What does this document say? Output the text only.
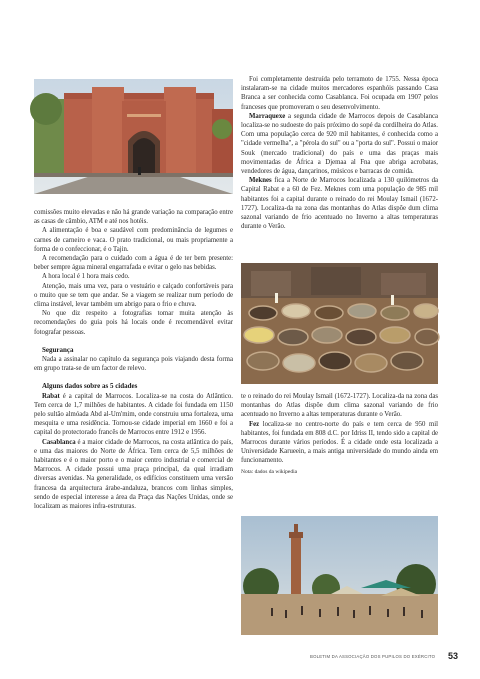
comissões muito elevadas e não há grande variação na comparação entre as casas de câmbio, ATM e até nos hotéis.

A alimentação é boa e saudável com predominância de legumes e carnes de carneiro e vaca. O prato tradicional, ou mais propriamente a forma de o confeccionar, é o Tajin.

A recomendação para o cuidado com a água é de ter bem presente: beber sempre água mineral engarrafada e evitar o gelo nas bebidas.

A hora local é 1 hora mais cedo.

Atenção, mais uma vez, para o vestuário e calçado confortáveis para o muito que se tem que andar. Se a viagem se realizar num período de clima instável, levar também um abrigo para o frio e chuva.

No que diz respeito a fotografias tomar muita atenção às recomendações do guia pois há locais onde é recomendável evitar fotografar pessoas.

Segurança

Nada a assinalar no capítulo da segurança pois viajando desta forma em grupo trata-se de um factor de relevo.

Alguns dados sobre as 5 cidades

Rabat é a capital de Marrocos. Localiza-se na costa do Atlântico. Tem cerca de 1,7 milhões de habitantes. A cidade foi fundada em 1150 pelo sultão almóada Abd al-Um'mim, onde construiu uma fortaleza, uma mesquita e uma residência. Tornou-se cidade imperial em 1660 e foi a capital do protectorado francês de Marrocos entre 1912 e 1956.

Casablanca é a maior cidade de Marrocos, na costa atlântica do país, e uma das maiores do Norte de África. Tem cerca de 5,5 milhões de habitantes e é o maior porto e o maior centro industrial e comercial de Marrocos. A cidade possui uma praça principal, da qual irradiam diversas avenidas. Na generalidade, os edifícios constituem uma versão francesa da arquitectura árabe-andaluza, brancos com linhas simples, sendo de especial interesse a área da Praça das Nações Unidas, onde se localizam as maiores infra-estruturas.

Foi completamente destruída pelo terramoto de 1755. Nessa época instalaram-se na cidade muitos mercadores espanhóis passando Casa Branca a ser conhecida como Casablanca. Foi ocupada em 1907 pelos franceses que promoveram o seu desenvolvimento.

Marraquexe a segunda cidade de Marrocos depois de Casablanca localiza-se no sudoeste do país próximo do sopé da cordilheira do Atlas. Com uma população cerca de 920 mil habitantes, é conhecida como a "cidade vermelha", a "pérola do sul" ou a "porta do sul". Possui o maior Souk (mercado tradicional) do país e uma das praças mais movimentadas de África a Djemaa al Fna que abriga acrobatas, vendedores de água, dançarinos, músicos e barracas de comida.

Meknes fica a Norte de Marrocos localizada a 130 quilómetros da Capital Rabat e a 60 de Fez. Meknes com uma população de 985 mil habitantes foi a capital durante o reinado do rei Moulay Ismail (1672-1727). Localiza-da na zona das montanhas do Atlas dispõe dum clima sazonal variando de frio acentuado no Inverno a altas temperaturas durante o Verão.

te o reinado do rei Moulay Ismail (1672-1727). Localiza-da na zona das montanhas do Atlas dispõe dum clima sazonal variando de frio acentuado no Inverno a altas temperaturas durante o Verão.

Fez localiza-se no centro-norte do país e tem cerca de 950 mil habitantes, foi fundada em 808 d.C. por Idriss II, tendo sido a capital de Marrocos durante vários períodos. É a cidade onde esta localizada a Universidade Karueein, a mais antiga universidade do mundo ainda em funcionamento.

Nota: dados da wikipedia

BOLETIM DA ASSOCIAÇÃO DOS PUPILOS DO EXÉRCITO 53
